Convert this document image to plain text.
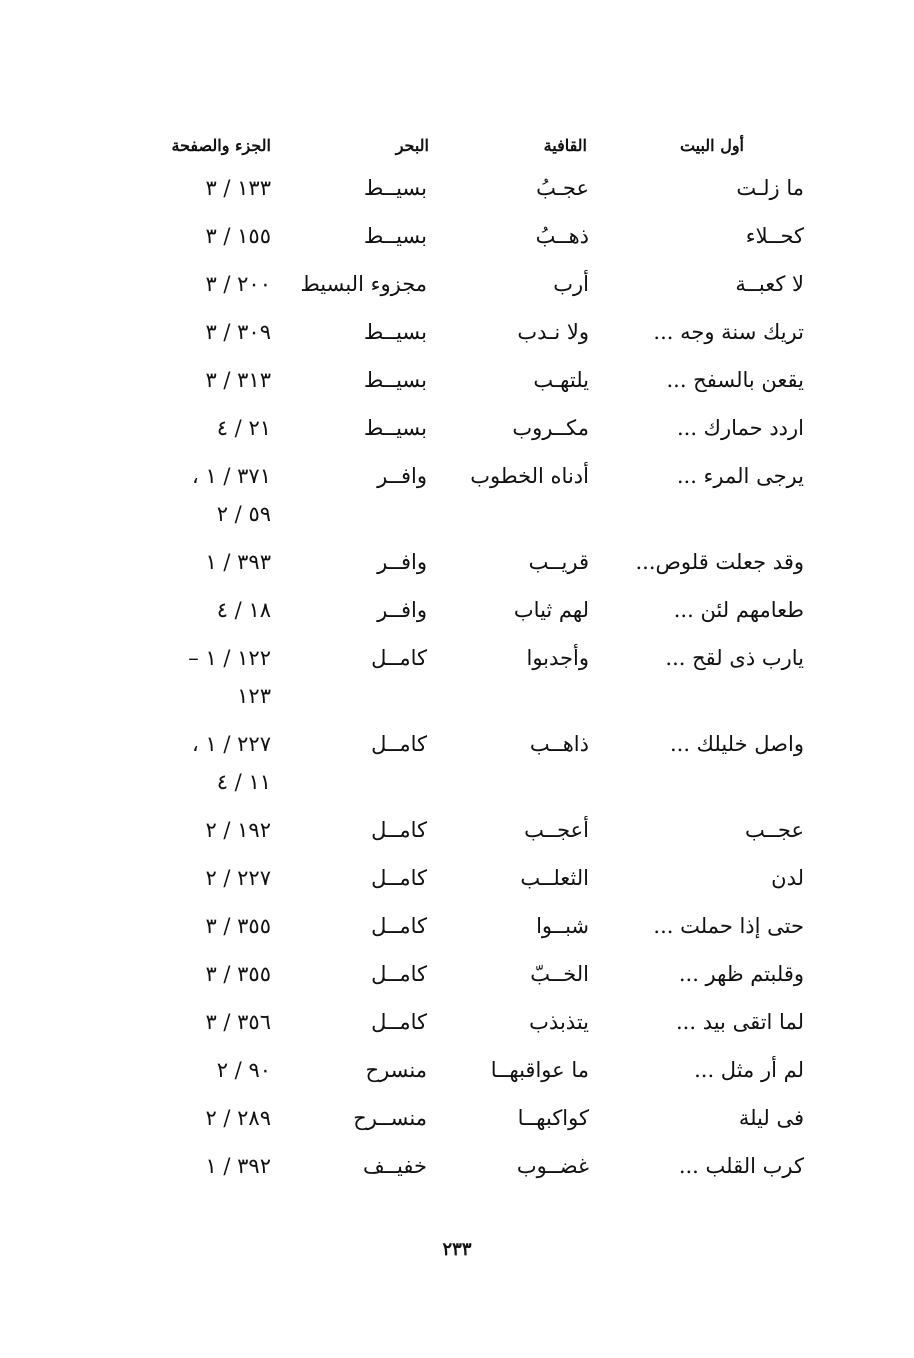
أول البيت
القافية
البحر
الجزء والصفحة
ما زلـت
عجـبُ
بسيــط
١٣٣ / ٣
كحــلاء
ذهــبُ
بسيــط
١٥٥ / ٣
لا كعبــة
أرب
مجزوء البسيط
٢٠٠ / ٣
تريك سنة وجه ...
ولا نـدب
بسيــط
٣٠٩ / ٣
يقعن بالسفح ...
يلتهـب
بسيــط
٣١٣ / ٣
اردد حمارك ...
مكــروب
بسيــط
٢١ / ٤
يرجى المرء ...
أدناه الخطوب
وافــر
، ٣٧١ / ١
٥٩ / ٢
وقد جعلت قلوص...
قريــب
وافــر
٣٩٣ / ١
طعامهم لئن ...
لهم ثياب
وافــر
١٨ / ٤
يارب ذى لقح ...
وأجدبوا
كامــل
– ١٢٢ / ١
١٢٣
واصل خليلك ...
ذاهــب
كامــل
، ٢٢٧ / ١
١١ / ٤
عجــب
أعجــب
كامــل
١٩٢ / ٢
لدن
الثعلــب
كامــل
٢٢٧ / ٢
حتى إذا حملت ...
شبــوا
كامــل
٣٥٥ / ٣
وقلبتم ظهر ...
الخــبّ
كامــل
٣٥٥ / ٣
لما اتقى بيد ...
يتذبذب
كامــل
٣٥٦ / ٣
لم أر مثل ...
ما عواقبهــا
منسرح
٩٠ / ٢
فى ليلة
كواكبهــا
منســرح
٢٨٩ / ٢
كرب القلب ...
غضــوب
خفيــف
٣٩٢ / ١
٢٣٣
